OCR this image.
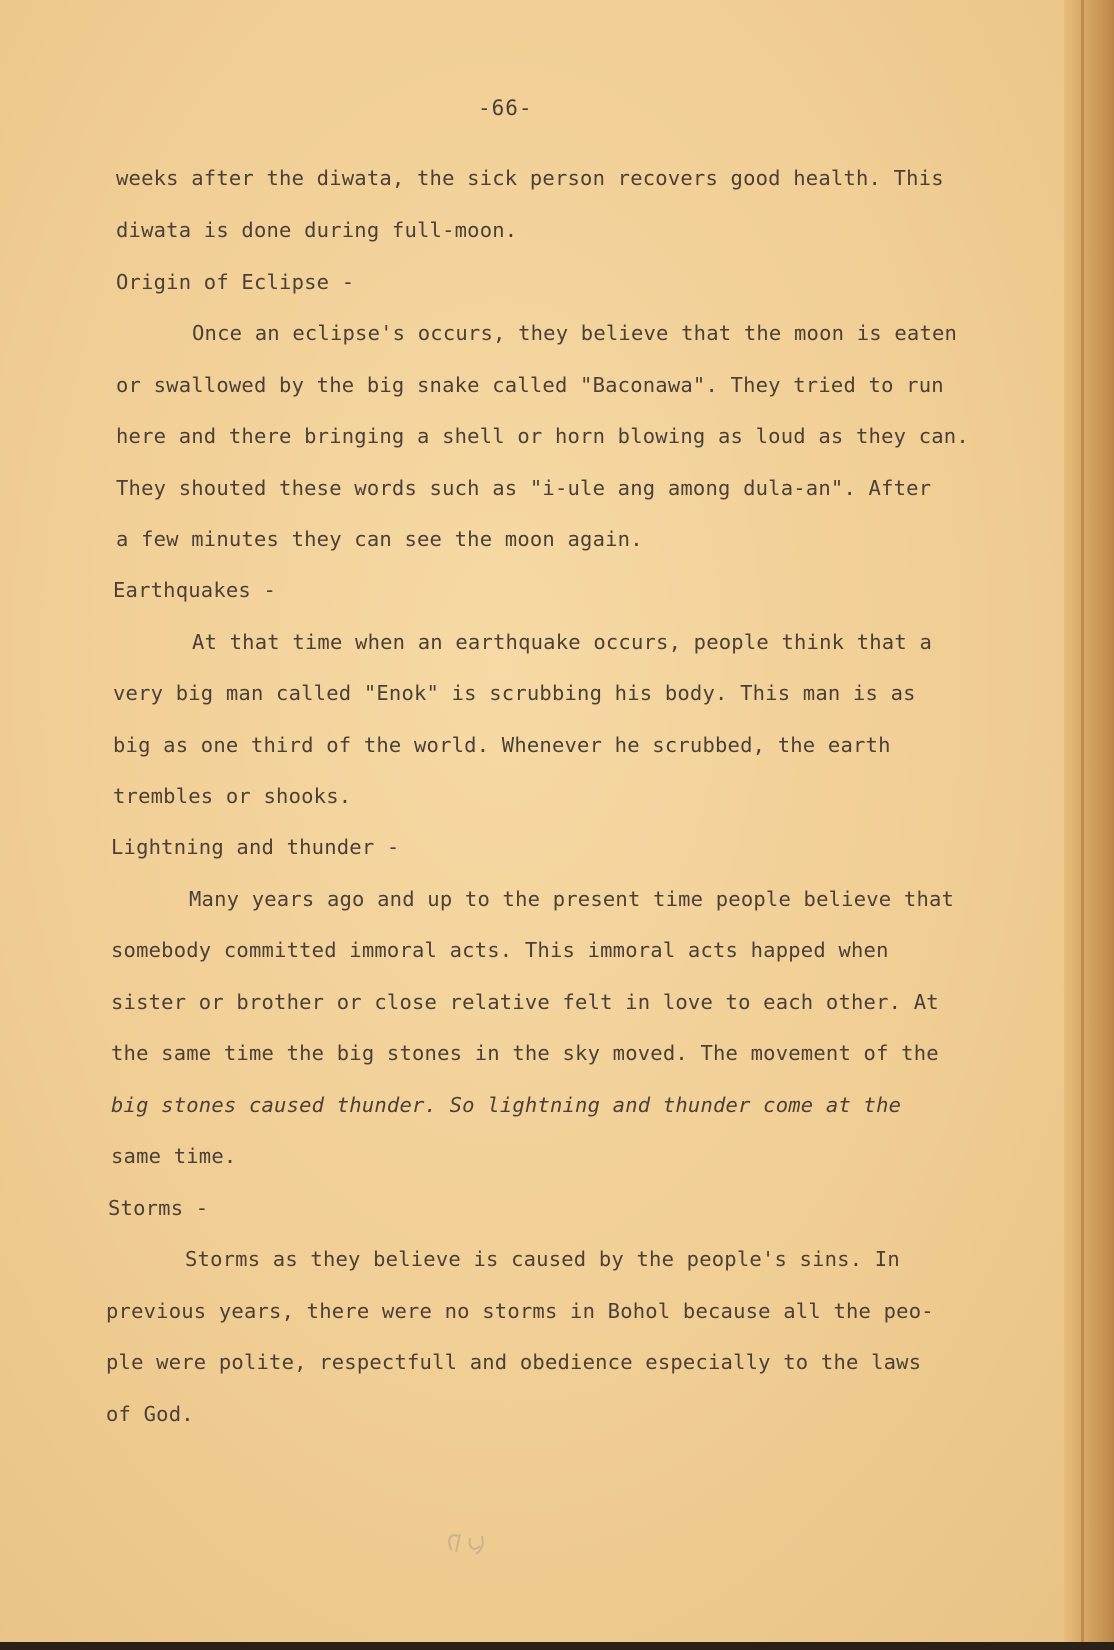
-66-
weeks after the diwata, the sick person recovers good health. This
diwata is done during full-moon.
Origin of Eclipse -
Once an eclipse's occurs, they believe that the moon is eaten
or swallowed by the big snake called "Baconawa". They tried to run
here and there bringing a shell or horn blowing as loud as they can.
They shouted these words such as "i-ule ang among dula-an". After
a few minutes they can see the moon again.
Earthquakes -
At that time when an earthquake occurs, people think that a
very big man called "Enok" is scrubbing his body. This man is as
big as one third of the world. Whenever he scrubbed, the earth
trembles or shooks.
Lightning and thunder -
Many years ago and up to the present time people believe that
somebody committed immoral acts. This immoral acts happed when
sister or brother or close relative felt in love to each other. At
the same time the big stones in the sky moved. The movement of the
big stones caused thunder. So lightning and thunder come at the
same time.
Storms -
Storms as they believe is caused by the people's sins. In
previous years, there were no storms in Bohol because all the peo-
ple were polite, respectfull and obedience especially to the laws
of God.
